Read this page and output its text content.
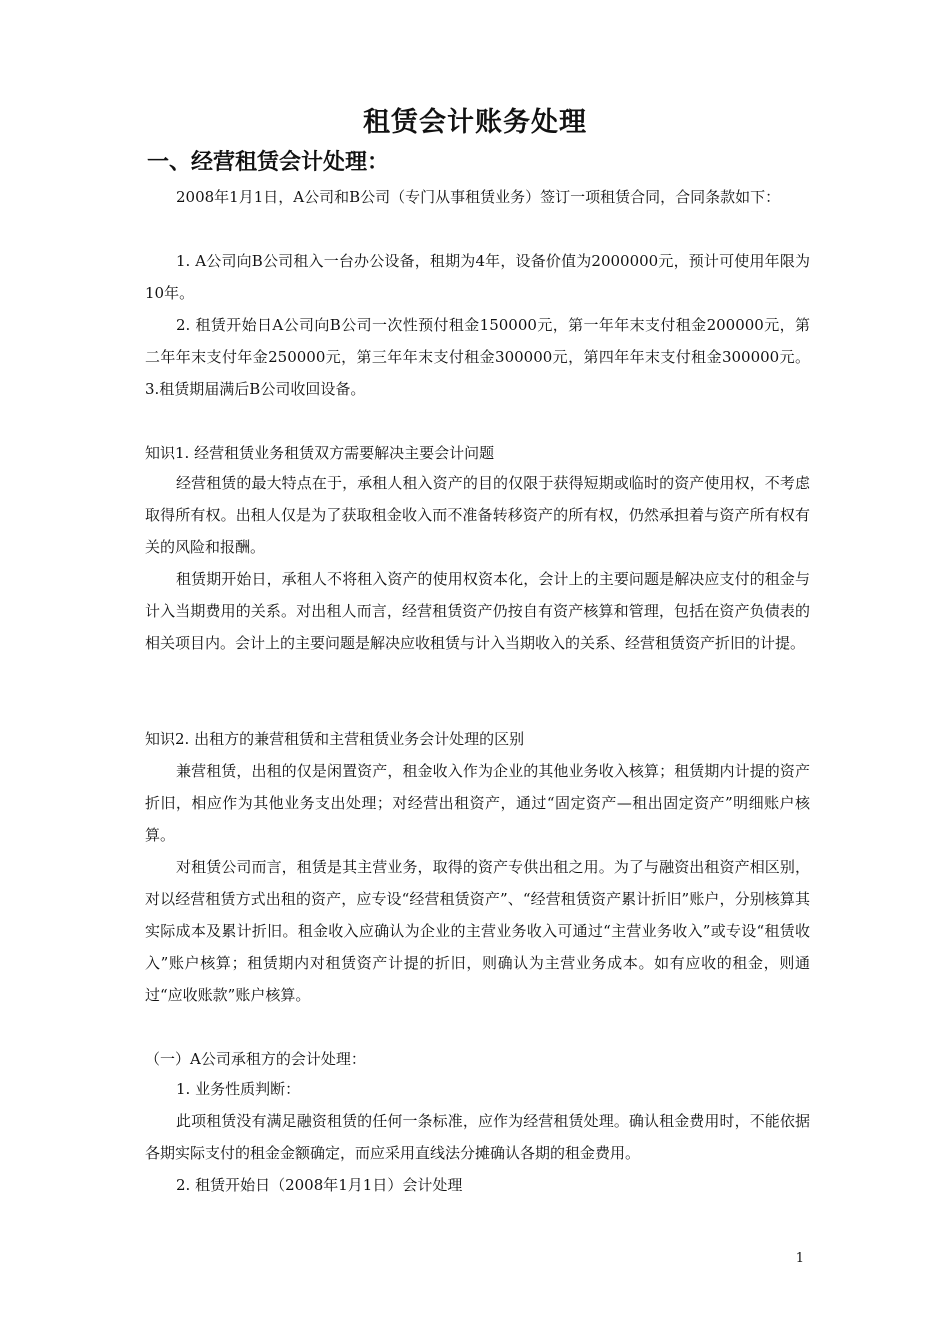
租赁会计账务处理
一、经营租赁会计处理：

2008年1月1日，A公司和B公司（专门从事租赁业务）签订一项租赁合同，合同条款如下：

1. A公司向B公司租入一台办公设备，租期为4年，设备价值为2000000元，预计可使用年限为10年。

2. 租赁开始日A公司向B公司一次性预付租金150000元，第一年年末支付租金200000元，第二年年末支付年金250000元，第三年年末支付租金300000元，第四年年末支付租金300000元。3.租赁期届满后B公司收回设备。

知识1. 经营租赁业务租赁双方需要解决主要会计问题

经营租赁的最大特点在于，承租人租入资产的目的仅限于获得短期或临时的资产使用权，不考虑取得所有权。出租人仅是为了获取租金收入而不准备转移资产的所有权，仍然承担着与资产所有权有关的风险和报酬。

租赁期开始日，承租人不将租入资产的使用权资本化，会计上的主要问题是解决应支付的租金与计入当期费用的关系。对出租人而言，经营租赁资产仍按自有资产核算和管理，包括在资产负债表的相关项目内。会计上的主要问题是解决应收租赁与计入当期收入的关系、经营租赁资产折旧的计提。

知识2. 出租方的兼营租赁和主营租赁业务会计处理的区别

兼营租赁，出租的仅是闲置资产，租金收入作为企业的其他业务收入核算；租赁期内计提的资产折旧，相应作为其他业务支出处理；对经营出租资产，通过“固定资产—租出固定资产”明细账户核算。

对租赁公司而言，租赁是其主营业务，取得的资产专供出租之用。为了与融资出租资产相区别，对以经营租赁方式出租的资产，应专设“经营租赁资产”、“经营租赁资产累计折旧”账户，分别核算其实际成本及累计折旧。租金收入应确认为企业的主营业务收入可通过“主营业务收入”或专设“租赁收入”账户核算；租赁期内对租赁资产计提的折旧，则确认为主营业务成本。如有应收的租金，则通过“应收账款”账户核算。

（一）A公司承租方的会计处理：

1. 业务性质判断：

此项租赁没有满足融资租赁的任何一条标准，应作为经营租赁处理。确认租金费用时，不能依据各期实际支付的租金金额确定，而应采用直线法分摊确认各期的租金费用。

2. 租赁开始日（2008年1月1日）会计处理

1
